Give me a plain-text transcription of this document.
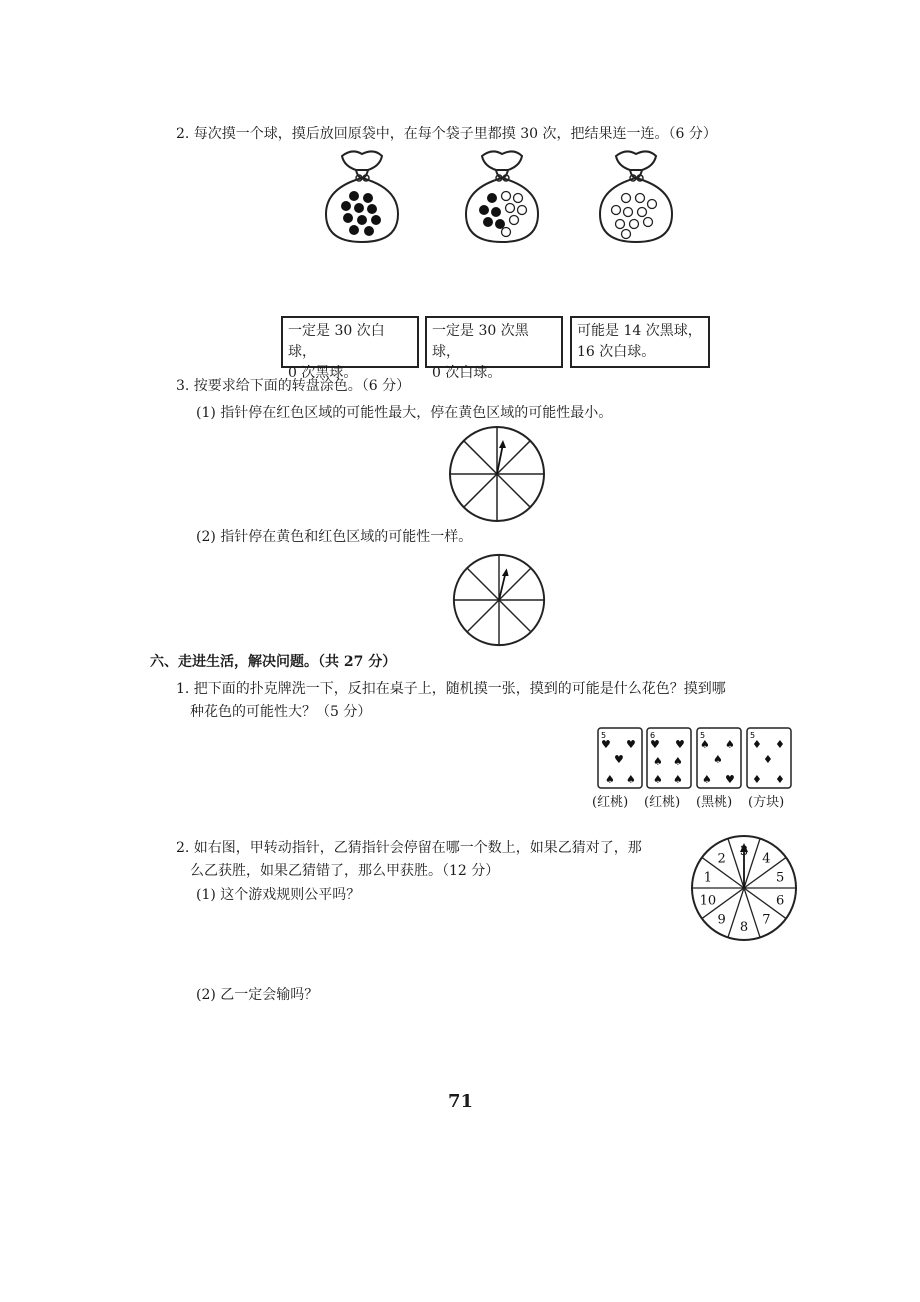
2. 每次摸一个球，摸后放回原袋中，在每个袋子里都摸 30 次，把结果连一连。（6 分）
一定是 30 次白球，
0 次黑球。
一定是 30 次黑球，
0 次白球。
可能是 14 次黑球，
16 次白球。
3. 按要求给下面的转盘涂色。（6 分）
(1) 指针停在红色区域的可能性最大，停在黄色区域的可能性最小。
(2) 指针停在黄色和红色区域的可能性一样。
六、走进生活，解决问题。（共 27 分）
1. 把下面的扑克牌洗一下，反扣在桌子上，随机摸一张，摸到的可能是什么花色？摸到哪
种花色的可能性大？（5 分）
5
♥ ♥
♥
♠ ♠
6
♥ ♥
♠ ♠
♠ ♠
5
♠ ♠
♠
♠ ♥
5
♦ ♦
♦
♦ ♦
(红桃) (红桃) (黑桃) (方块)
2. 如右图，甲转动指针，乙猜指针会停留在哪一个数上，如果乙猜对了，那
么乙获胜，如果乙猜错了，那么甲获胜。（12 分）
(1) 这个游戏规则公平吗？
2	4
5
6
7
8
9
10
1
(2) 乙一定会输吗？
71
